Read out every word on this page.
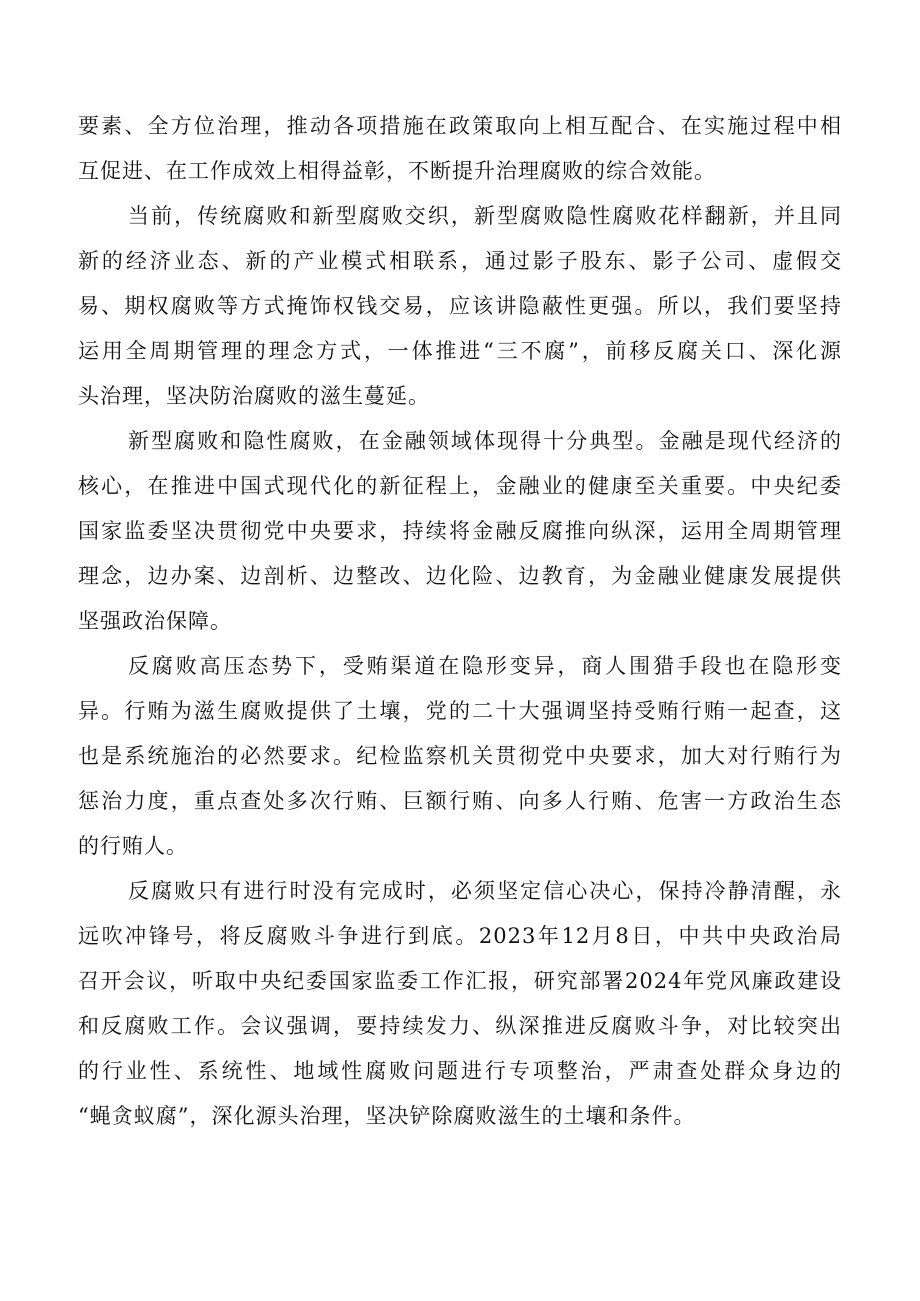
要素、全方位治理，推动各项措施在政策取向上相互配合、在实施过程中相
互促进、在工作成效上相得益彰，不断提升治理腐败的综合效能。
当前，传统腐败和新型腐败交织，新型腐败隐性腐败花样翻新，并且同
新的经济业态、新的产业模式相联系，通过影子股东、影子公司、虚假交
易、期权腐败等方式掩饰权钱交易，应该讲隐蔽性更强。所以，我们要坚持
运用全周期管理的理念方式，一体推进“三不腐”，前移反腐关口、深化源
头治理，坚决防治腐败的滋生蔓延。
新型腐败和隐性腐败，在金融领域体现得十分典型。金融是现代经济的
核心，在推进中国式现代化的新征程上，金融业的健康至关重要。中央纪委
国家监委坚决贯彻党中央要求，持续将金融反腐推向纵深，运用全周期管理
理念，边办案、边剖析、边整改、边化险、边教育，为金融业健康发展提供
坚强政治保障。
反腐败高压态势下，受贿渠道在隐形变异，商人围猎手段也在隐形变
异。行贿为滋生腐败提供了土壤，党的二十大强调坚持受贿行贿一起查，这
也是系统施治的必然要求。纪检监察机关贯彻党中央要求，加大对行贿行为
惩治力度，重点查处多次行贿、巨额行贿、向多人行贿、危害一方政治生态
的行贿人。
反腐败只有进行时没有完成时，必须坚定信心决心，保持冷静清醒，永
远吹冲锋号，将反腐败斗争进行到底。2023年12月8日，中共中央政治局
召开会议，听取中央纪委国家监委工作汇报，研究部署2024年党风廉政建设
和反腐败工作。会议强调，要持续发力、纵深推进反腐败斗争，对比较突出
的行业性、系统性、地域性腐败问题进行专项整治，严肃查处群众身边的
“蝇贪蚁腐”，深化源头治理，坚决铲除腐败滋生的土壤和条件。
